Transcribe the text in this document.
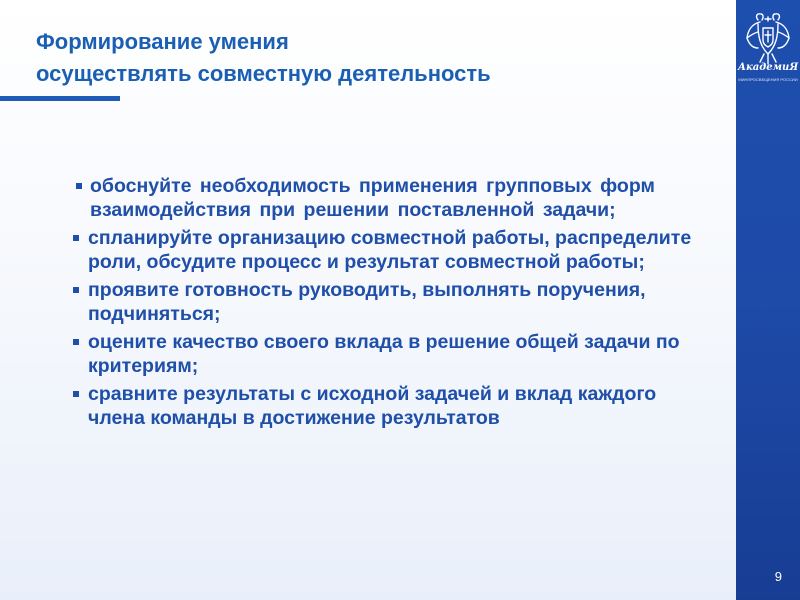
Формирование умения
осуществлять совместную деятельность
обоснуйте необходимость применения групповых форм взаимодействия при решении поставленной задачи;
спланируйте организацию совместной работы, распределите роли, обсудите процесс и результат совместной работы;
проявите готовность руководить, выполнять поручения, подчиняться;
оцените качество своего вклада в решение общей задачи по критериям;
сравните результаты с исходной задачей и вклад каждого члена команды в достижение результатов
АкадемиЯ
МИНПРОСВЕЩЕНИЯ РОССИИ
9
